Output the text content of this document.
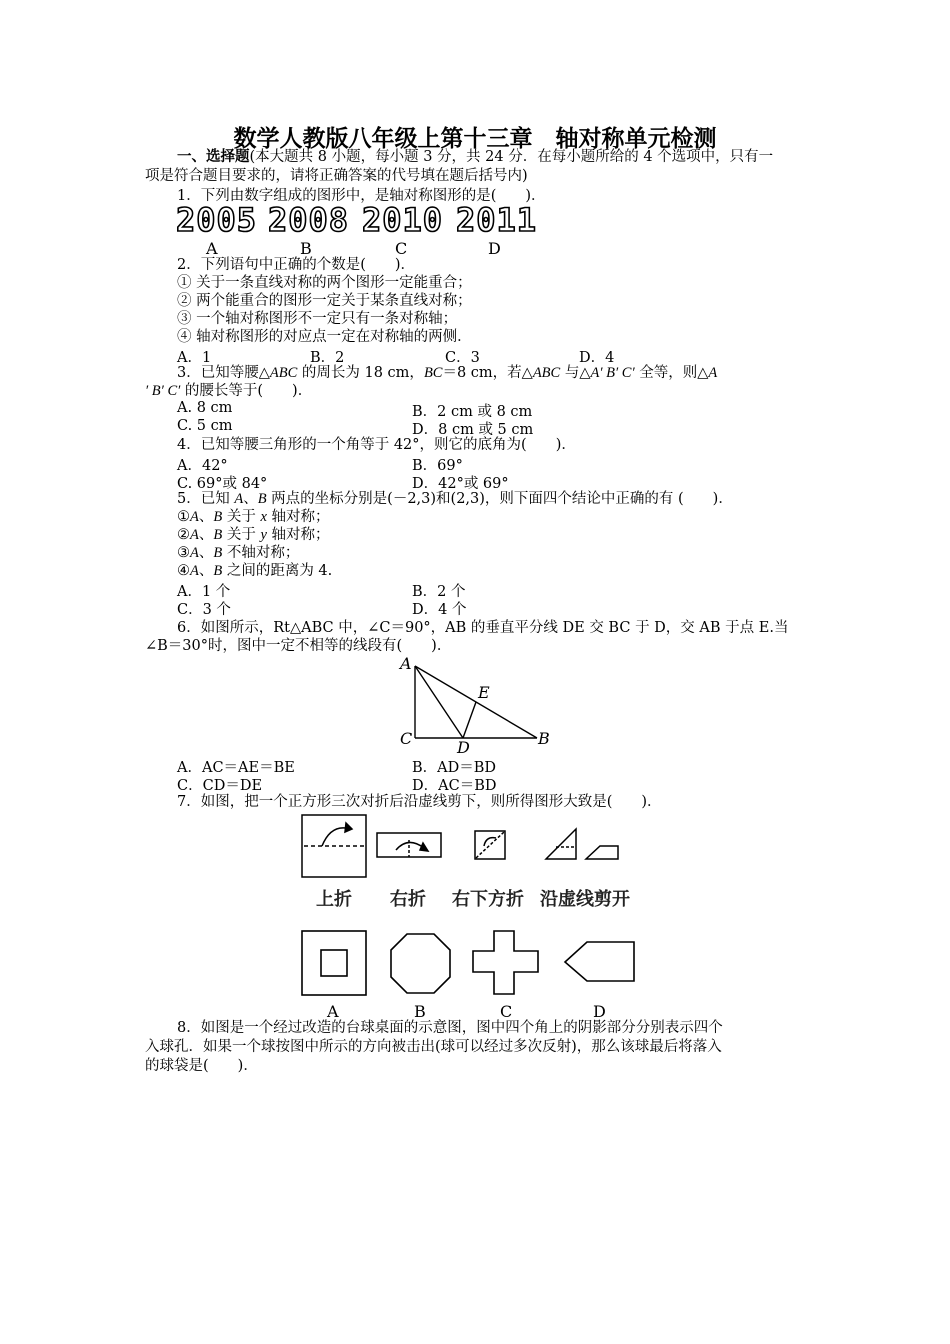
数学人教版八年级上第十三章　轴对称单元检测
一、选择题(本大题共 8 小题，每小题 3 分，共 24 分．在每小题所给的 4 个选项中，只有一
项是符合题目要求的，请将正确答案的代号填在题后括号内)
1．下列由数字组成的图形中，是轴对称图形的是(　　)．
2005 2008 2010 2011
A	B	C	D
2．下列语句中正确的个数是(　　)．
① 关于一条直线对称的两个图形一定能重合；
② 两个能重合的图形一定关于某条直线对称；
③ 一个轴对称图形不一定只有一条对称轴；
④ 轴对称图形的对应点一定在对称轴的两侧．
A．1	B．2	C．3	D．4
3．已知等腰△ABC 的周长为 18 cm，BC＝8 cm，若△ABC 与△A′ B′ C′ 全等，则△A
′ B′ C′ 的腰长等于(　　)．
A. 8 cm	B．2 cm 或 8 cm
C. 5 cm	D．8 cm 或 5 cm
4．已知等腰三角形的一个角等于 42°，则它的底角为(　　)．
A．42°	B．69°
C. 69°或 84°	D．42°或 69°
5．已知 A、B 两点的坐标分别是(－2,3)和(2,3)，则下面四个结论中正确的有 (　　)．
①A、B 关于 x 轴对称；
②A、B 关于 y 轴对称；
③A、B 不轴对称；
④A、B 之间的距离为 4.
A．1 个	B．2 个
C．3 个	D．4 个
6．如图所示，Rt△ABC 中，∠C＝90°，AB 的垂直平分线 DE 交 BC 于 D，交 AB 于点 E.当
∠B＝30°时，图中一定不相等的线段有(　　)．
A
E
C	D	B
A．AC＝AE＝BE	B．AD＝BD
C．CD＝DE	D．AC＝BD
7．如图，把一个正方形三次对折后沿虚线剪下，则所得图形大致是(　　)．
上折 右折 右下方折 沿虚线剪开
A	B	C	D
8．如图是一个经过改造的台球桌面的示意图，图中四个角上的阴影部分分别表示四个
入球孔．如果一个球按图中所示的方向被击出(球可以经过多次反射)，那么该球最后将落入
的球袋是(　　)．
